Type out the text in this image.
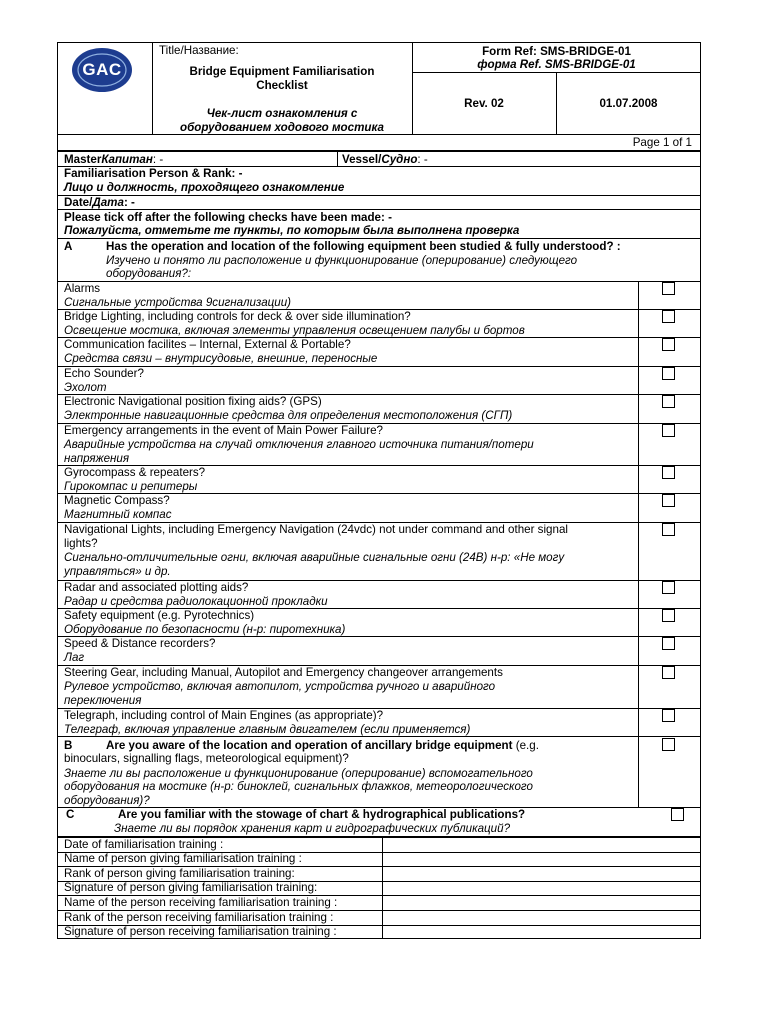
GAC
Title/Название:
Bridge Equipment Familiarisation
Checklist
Чек-лист ознакомления с
оборудованием ходового мостика
Form Ref: SMS-BRIDGE-01
форма Ref. SMS-BRIDGE-01
Rev. 02	01.07.2008
Page 1 of 1
MasterКапитан: -	Vessel/Судно: -
Familiarisation Person & Rank: -
Лицо и должность, проходящего ознакомление
Date/Дата: -
Please tick off after the following checks have been made: -
Пожалуйста, отметьте те пункты, по которым была выполнена проверка
A	Has the operation and location of the following equipment been studied & fully understood? :
Изучено и понято ли расположение и функционирование (оперирование) следующего
оборудования?:
Alarms
Сигнальные устройства 9сигнализации)
Bridge Lighting, including controls for deck & over side illumination?
Освещение мостика, включая элементы управления освещением палубы и бортов
Communication facilites – Internal, External & Portable?
Средства связи – внутрисудовые, внешние, переносные
Echo Sounder?
Эхолот
Electronic Navigational position fixing aids? (GPS)
Электронные навигационные средства для определения местоположения (СГП)
Emergency arrangements in the event of Main Power Failure?
Аварийные устройства на случай отключения главного источника питания/потери
напряжения
Gyrocompass & repeaters?
Гирокомпас и репитеры
Magnetic Compass?
Магнитный компас
Navigational Lights, including Emergency Navigation (24vdc) not under command and other signal
lights?
Сигнально-отличительные огни, включая аварийные сигнальные огни (24В) н-р: «Не могу
управляться» и др.
Radar and associated plotting aids?
Радар и средства радиолокационной прокладки
Safety equipment (e.g. Pyrotechnics)
Оборудование по безопасности (н-р: пиротехника)
Speed & Distance recorders?
Лаг
Steering Gear, including Manual, Autopilot and Emergency changeover arrangements
Рулевое устройство, включая автопилот, устройства ручного и аварийного
переключения
Telegraph, including control of Main Engines (as appropriate)?
Телеграф, включая управление главным двигателем (если применяется)
B	Are you aware of the location and operation of ancillary bridge equipment (e.g.
binoculars, signalling flags, meteorological equipment)?
Знаете ли вы расположение и функционирование (оперирование) вспомогательного
оборудования на мостике (н-р: биноклей, сигнальных флажков, метеорологического
оборудования)?
C	Are you familiar with the stowage of chart & hydrographical publications?
Знаете ли вы порядок хранения карт и гидрографических публикаций?
Date of familiarisation training :
Name of person giving familiarisation training :
Rank of person giving familiarisation training:
Signature of person giving familiarisation training:
Name of the person receiving familiarisation training :
Rank of the person receiving familiarisation training :
Signature of person receiving familiarisation training :
